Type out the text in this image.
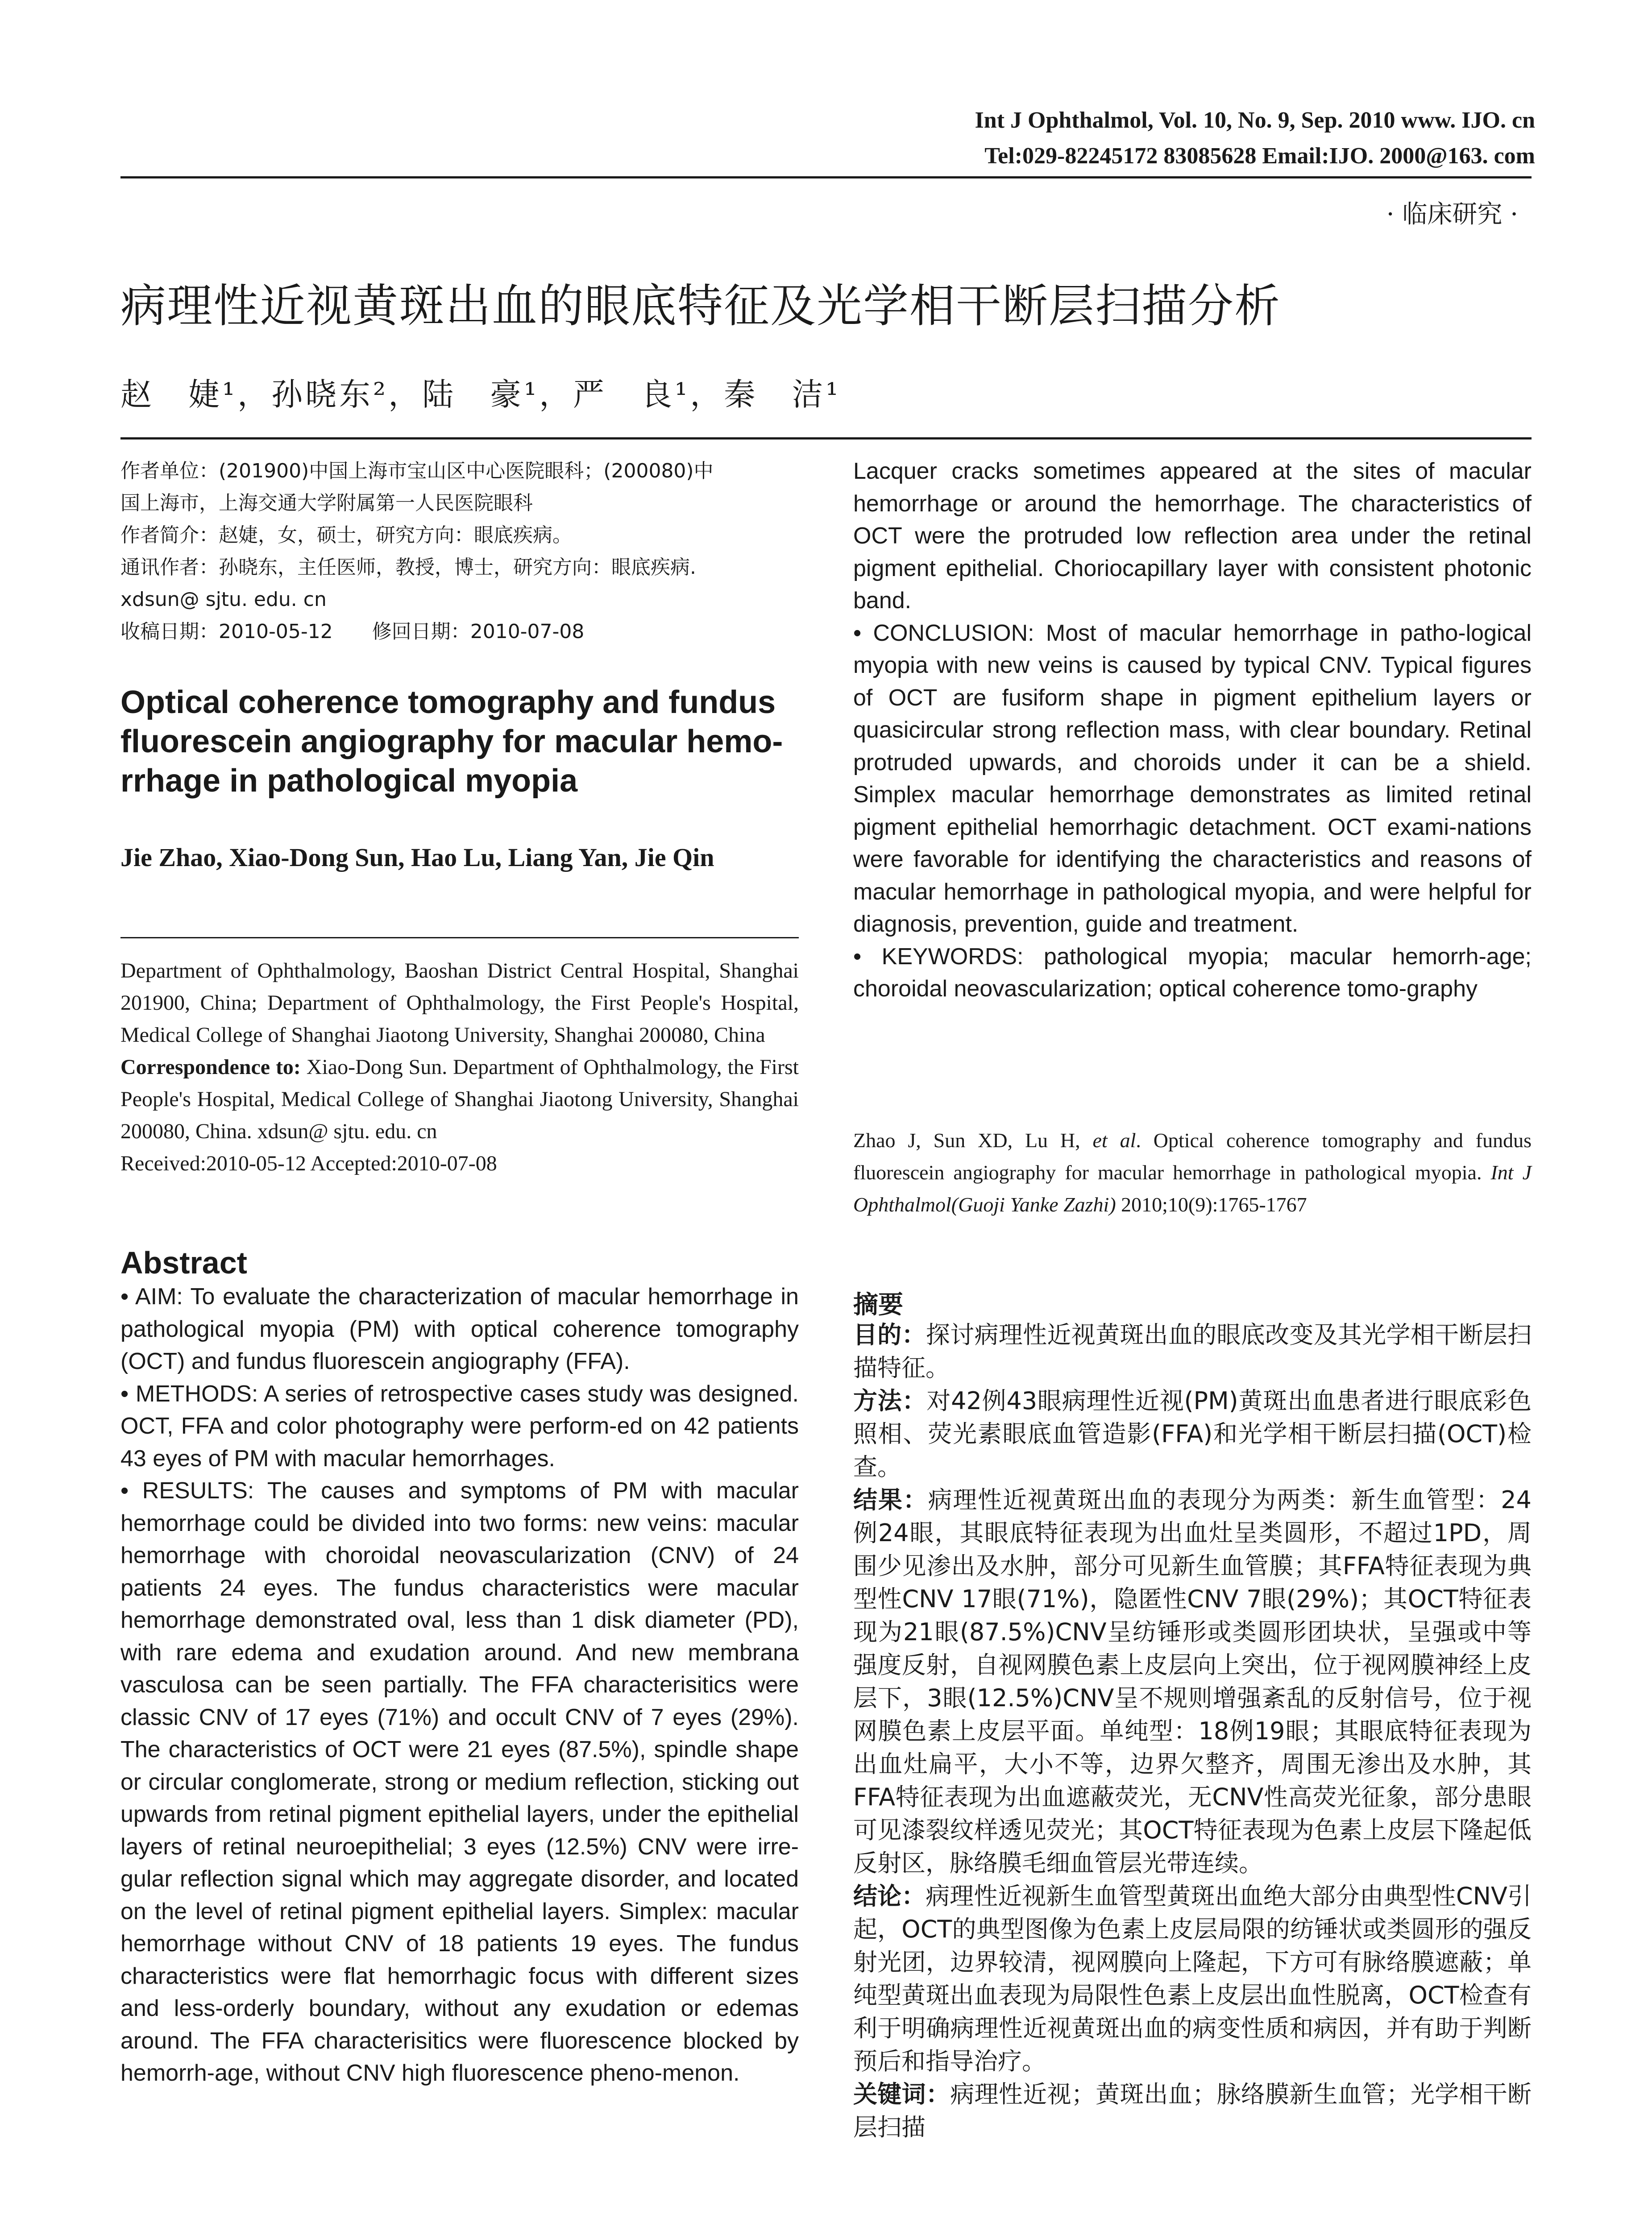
Int J Ophthalmol, Vol. 10, No. 9, Sep. 2010 www. IJO. cn
Tel:029-82245172 83085628 Email:IJO. 2000@163. com
· 临床研究 ·
病理性近视黄斑出血的眼底特征及光学相干断层扫描分析
赵　婕¹，孙晓东²，陆　豪¹，严　良¹，秦　洁¹
作者单位：(201900)中国上海市宝山区中心医院眼科；(200080)中
国上海市，上海交通大学附属第一人民医院眼科
作者简介：赵婕，女，硕士，研究方向：眼底疾病。
通讯作者：孙晓东，主任医师，教授，博士，研究方向：眼底疾病.
xdsun@ sjtu. edu. cn
收稿日期：2010-05-12　　修回日期：2010-07-08
Optical coherence tomography and fundus fluorescein angiography for macular hemo-rrhage in pathological myopia
Jie Zhao, Xiao-Dong Sun, Hao Lu, Liang Yan, Jie Qin

Department of Ophthalmology, Baoshan District Central Hospital, Shanghai 201900, China; Department of Ophthalmology, the First People's Hospital, Medical College of Shanghai Jiaotong University, Shanghai 200080, China

Correspondence to: Xiao-Dong Sun. Department of Ophthalmology, the First People's Hospital, Medical College of Shanghai Jiaotong University, Shanghai 200080, China. xdsun@ sjtu. edu. cn

Received:2010-05-12 Accepted:2010-07-08

Abstract

• AIM: To evaluate the characterization of macular hemorrhage in pathological myopia (PM) with optical coherence tomography (OCT) and fundus fluorescein angiography (FFA).

• METHODS: A series of retrospective cases study was designed. OCT, FFA and color photography were perform-ed on 42 patients 43 eyes of PM with macular hemorrhages.

• RESULTS: The causes and symptoms of PM with macular hemorrhage could be divided into two forms: new veins: macular hemorrhage with choroidal neovascularization (CNV) of 24 patients 24 eyes. The fundus characteristics were macular hemorrhage demonstrated oval, less than 1 disk diameter (PD), with rare edema and exudation around. And new membrana vasculosa can be seen partially. The FFA characterisitics were classic CNV of 17 eyes (71%) and occult CNV of 7 eyes (29%). The characteristics of OCT were 21 eyes (87.5%), spindle shape or circular conglomerate, strong or medium reflection, sticking out upwards from retinal pigment epithelial layers, under the epithelial layers of retinal neuroepithelial; 3 eyes (12.5%) CNV were irre-gular reflection signal which may aggregate disorder, and located on the level of retinal pigment epithelial layers. Simplex: macular hemorrhage without CNV of 18 patients 19 eyes. The fundus characteristics were flat hemorrhagic focus with different sizes and less-orderly boundary, without any exudation or edemas around. The FFA characterisitics were fluorescence blocked by hemorrh-age, without CNV high fluorescence pheno-menon.

Lacquer cracks sometimes appeared at the sites of macular hemorrhage or around the hemorrhage. The characteristics of OCT were the protruded low reflection area under the retinal pigment epithelial. Choriocapillary layer with consistent photonic band.

• CONCLUSION: Most of macular hemorrhage in patho-logical myopia with new veins is caused by typical CNV. Typical figures of OCT are fusiform shape in pigment epithelium layers or quasicircular strong reflection mass, with clear boundary. Retinal protruded upwards, and choroids under it can be a shield. Simplex macular hemorrhage demonstrates as limited retinal pigment epithelial hemorrhagic detachment. OCT exami-nations were favorable for identifying the characteristics and reasons of macular hemorrhage in pathological myopia, and were helpful for diagnosis, prevention, guide and treatment.

• KEYWORDS: pathological myopia; macular hemorrh-age; choroidal neovascularization; optical coherence tomo-graphy

Zhao J, Sun XD, Lu H, et al. Optical coherence tomography and fundus fluorescein angiography for macular hemorrhage in pathological myopia. Int J Ophthalmol(Guoji Yanke Zazhi) 2010;10(9):1765-1767
摘要

目的：探讨病理性近视黄斑出血的眼底改变及其光学相干断层扫描特征。

方法：对42例43眼病理性近视(PM)黄斑出血患者进行眼底彩色照相、荧光素眼底血管造影(FFA)和光学相干断层扫描(OCT)检查。

结果：病理性近视黄斑出血的表现分为两类：新生血管型：24例24眼，其眼底特征表现为出血灶呈类圆形，不超过1PD，周围少见渗出及水肿，部分可见新生血管膜；其FFA特征表现为典型性CNV 17眼(71%)，隐匿性CNV 7眼(29%)；其OCT特征表现为21眼(87.5%)CNV呈纺锤形或类圆形团块状，呈强或中等强度反射，自视网膜色素上皮层向上突出，位于视网膜神经上皮层下，3眼(12.5%)CNV呈不规则增强紊乱的反射信号，位于视网膜色素上皮层平面。单纯型：18例19眼；其眼底特征表现为出血灶扁平，大小不等，边界欠整齐，周围无渗出及水肿，其FFA特征表现为出血遮蔽荧光，无CNV性高荧光征象，部分患眼可见漆裂纹样透见荧光；其OCT特征表现为色素上皮层下隆起低反射区，脉络膜毛细血管层光带连续。

结论：病理性近视新生血管型黄斑出血绝大部分由典型性CNV引起，OCT的典型图像为色素上皮层局限的纺锤状或类圆形的强反射光团，边界较清，视网膜向上隆起，下方可有脉络膜遮蔽；单纯型黄斑出血表现为局限性色素上皮层出血性脱离，OCT检查有利于明确病理性近视黄斑出血的病变性质和病因，并有助于判断预后和指导治疗。

关键词：病理性近视；黄斑出血；脉络膜新生血管；光学相干断层扫描
